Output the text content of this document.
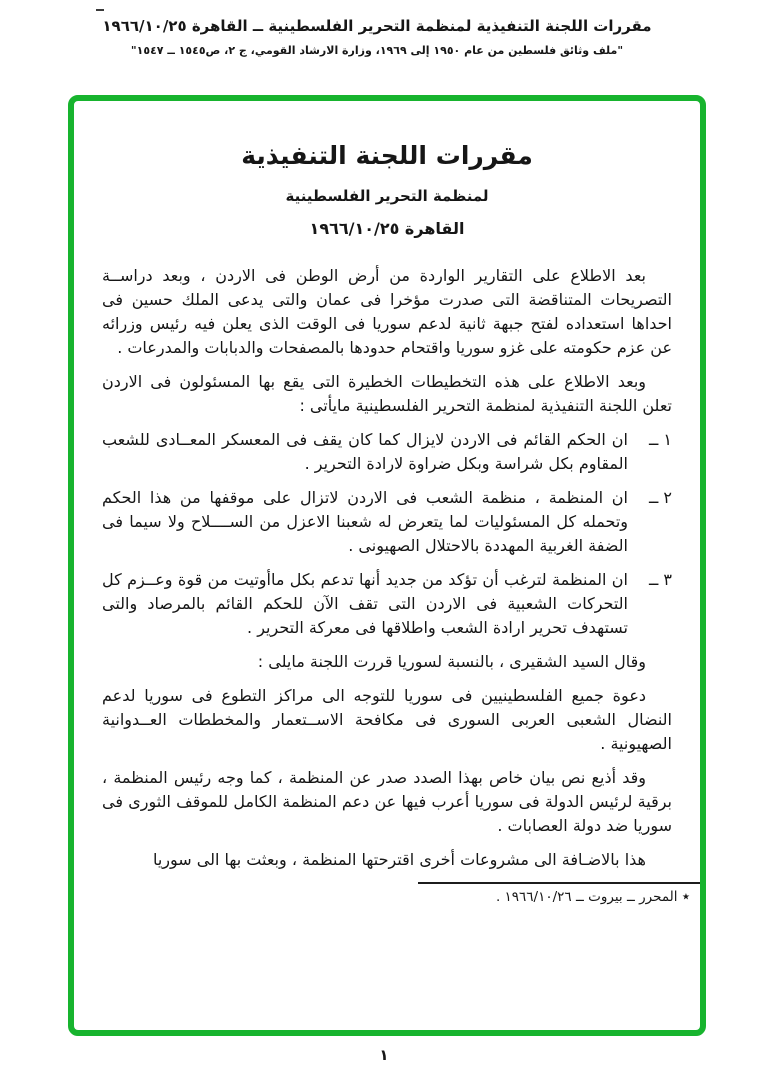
مقررات اللجنة التنفيذية لمنظمة التحرير الفلسطينية ــ القاهرة ١٩٦٦/١٠/٢٥
"ملف وثائق فلسطين من عام ١٩٥٠ إلى ١٩٦٩، وزارة الارشاد القومي، ج ٢، ص١٥٤٥ ــ ١٥٤٧"
مقررات اللجنة التنفيذية
لمنظمة التحرير الفلسطينية
القاهرة ١٩٦٦/١٠/٢٥

بعد الاطلاع على التقارير الواردة من أرض الوطن فى الاردن ، وبعد دراســة التصريحات المتناقضة التى صدرت مؤخرا فى عمان والتى يدعى الملك حسين فى احداها استعداده لفتح جبهة ثانية لدعم سوريا فى الوقت الذى يعلن فيه رئيس وزرائه عن عزم حكومته على غزو سوريا واقتحام حدودها بالمصفحات والدبابات والمدرعات .

وبعد الاطلاع على هذه التخطيطات الخطيرة التى يقع بها المسئولون فى الاردن تعلن اللجنة التنفيذية لمنظمة التحرير الفلسطينية مايأتى :

١ ــ
ان الحكم القائم فى الاردن لايزال كما كان يقف فى المعسكر المعــادى للشعب المقاوم بكل شراسة وبكل ضراوة لارادة التحرير .
٢ ــ
ان المنظمة ، منظمة الشعب فى الاردن لاتزال على موقفها من هذا الحكم وتحمله كل المسئوليات لما يتعرض له شعبنا الاعزل من الســــلاح ولا سيما فى الضفة الغربية المهددة بالاحتلال الصهيونى .
٣ ــ
ان المنظمة لترغب أن تؤكد من جديد أنها تدعم بكل ماأوتيت من قوة وعــزم كل التحركات الشعبية فى الاردن التى تقف الآن للحكم القائم بالمرصاد والتى تستهدف تحرير ارادة الشعب واطلاقها فى معركة التحرير .

وقال السيد الشقيرى ، بالنسبة لسوريا قررت اللجنة مايلى :

دعوة جميع الفلسطينيين فى سوريا للتوجه الى مراكز التطوع فى سوريا لدعم النضال الشعبى العربى السورى فى مكافحة الاســتعمار والمخططات العــدوانية الصهيونية .

وقد أذيع نص بيان خاص بهذا الصدد صدر عن المنظمة ، كما وجه رئيس المنظمة ، برقية لرئيس الدولة فى سوريا أعرب فيها عن دعم المنظمة الكامل للموقف الثورى فى سوريا ضد دولة العصابات .

هذا بالاضـافة الى مشروعات أخرى اقترحتها المنظمة ، وبعثت بها الى سوريا

٭ المحرر ــ بيروت ــ ١٩٦٦/١٠/٢٦ .
١
